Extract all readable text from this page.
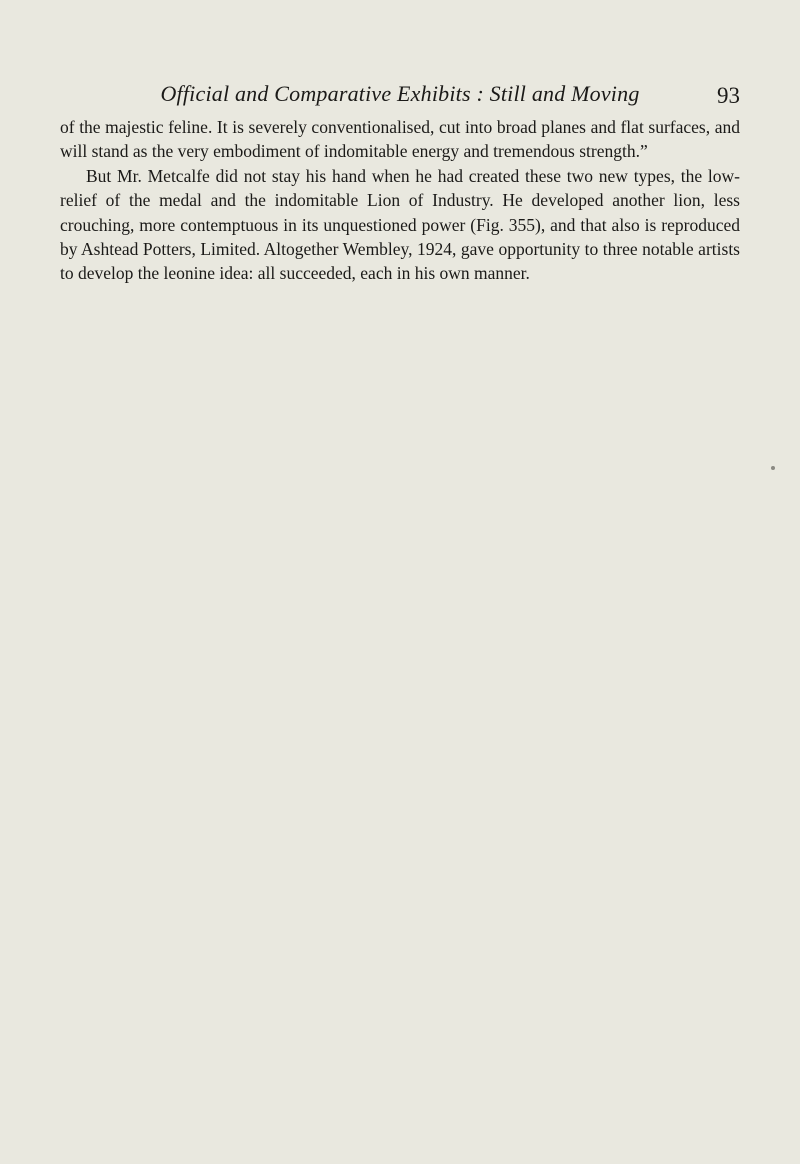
Official and Comparative Exhibits : Still and Moving	93

of the majestic feline. It is severely conventionalised, cut into broad planes and flat surfaces, and will stand as the very embodiment of indomitable energy and tremendous strength.”

But Mr. Metcalfe did not stay his hand when he had created these two new types, the low-relief of the medal and the indomitable Lion of Industry. He developed another lion, less crouching, more contemptuous in its unquestioned power (Fig. 355), and that also is reproduced by Ashtead Potters, Limited. Altogether Wembley, 1924, gave opportunity to three notable artists to develop the leonine idea: all succeeded, each in his own manner.
